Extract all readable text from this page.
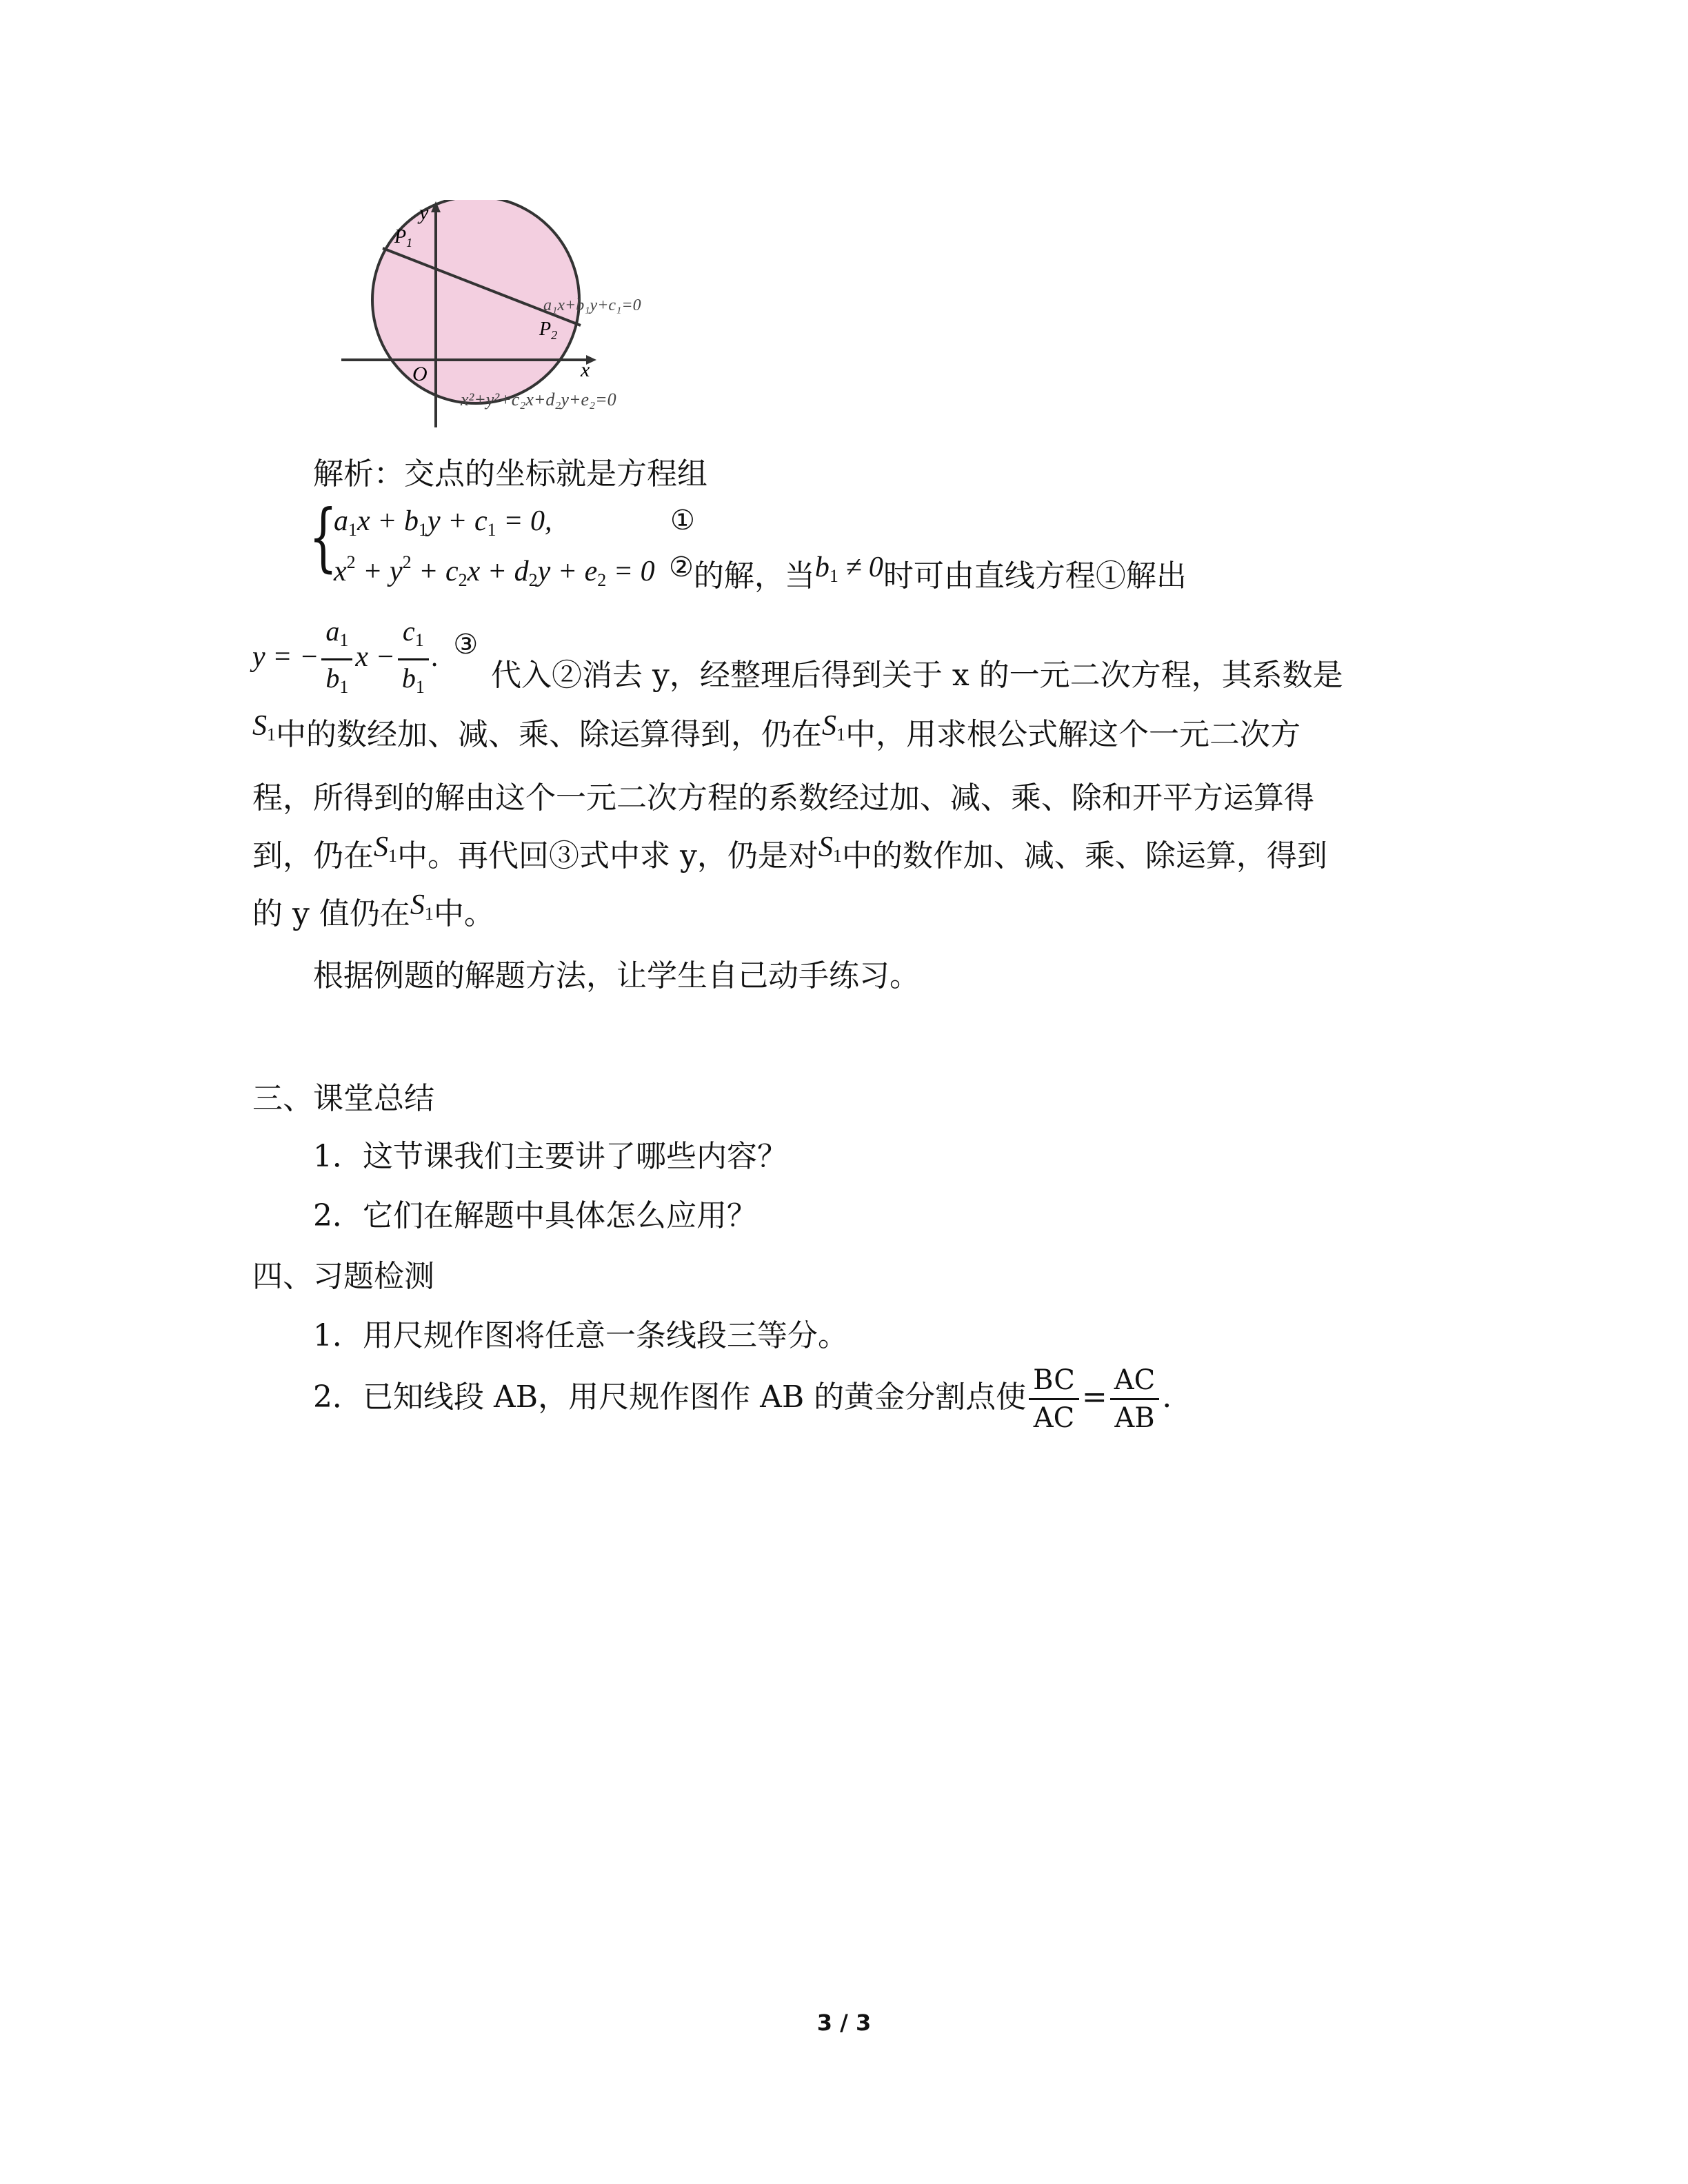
y
x
O
$P_1$
$P_2$
a₁x+b₁y+c₁=0
x²+y²+c₂x+d₂y+e₂=0
解析：交点的坐标就是方程组
{
$a_1x + b_1y + c_1 = 0$,	①
$x^2 + y^2 + c_2x + d_2y + e_2 = 0$ ②的解，当$b_1 \ne 0$时可由直线方程①解出
y = − $\frac{a_1}{b_1}$ $x - \frac{c_1}{b_1}$ .  ③
代入②消去 y，经整理后得到关于 x 的一元二次方程，其系数是
$S_1$中的数经加、减、乘、除运算得到，仍在$S_1$中，用求根公式解这个一元二次方
程，所得到的解由这个一元二次方程的系数经过加、减、乘、除和开平方运算得
到，仍在$S_1$中。再代回③式中求 y，仍是对$S_1$中的数作加、减、乘、除运算，得到
的 y 值仍在$S_1$中。
根据例题的解题方法，让学生自己动手练习。
三、课堂总结
1．这节课我们主要讲了哪些内容？
2．它们在解题中具体怎么应用？
四、习题检测
1．用尺规作图将任意一条线段三等分。
2．已知线段 AB，用尺规作图作 AB 的黄金分割点使 $\frac{BC}{AC} = \frac{AC}{AB}$ .
3 / 3
